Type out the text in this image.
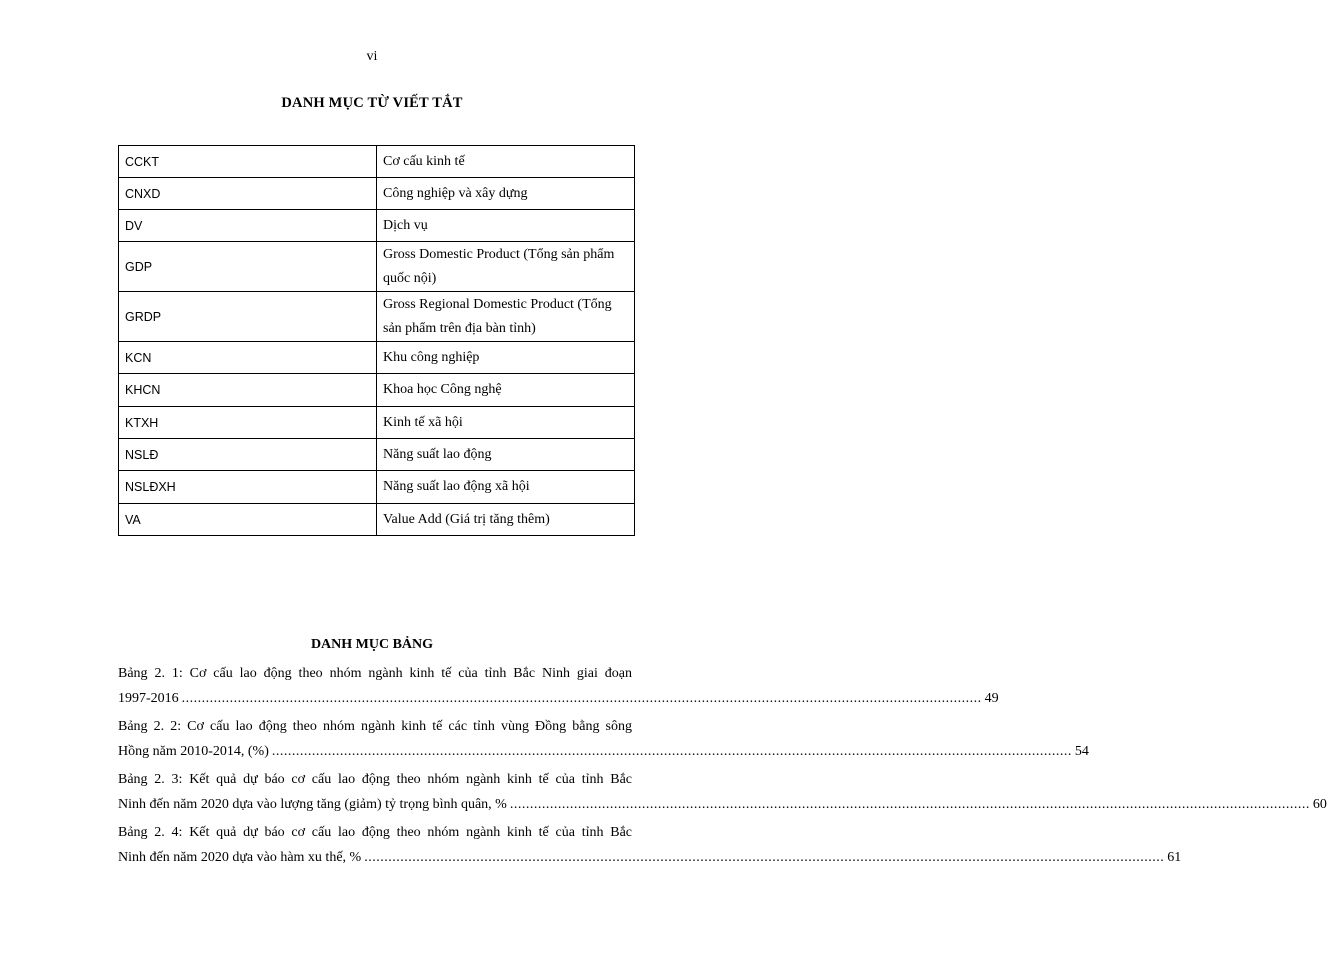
vi
DANH MỤC TỪ VIẾT TẮT
CCKT	Cơ cấu kinh tế
CNXD	Công nghiệp và xây dựng
DV	Dịch vụ
GDP	Gross Domestic Product (Tổng sản phẩm quốc nội)
GRDP	Gross Regional Domestic Product (Tổng sản phẩm trên địa bàn tỉnh)
KCN	Khu công nghiệp
KHCN	Khoa học Công nghệ
KTXH	Kinh tế xã hội
NSLĐ	Năng suất lao động
NSLĐXH	Năng suất lao động xã hội
VA	Value Add (Giá trị tăng thêm)
DANH MỤC BẢNG
Bảng 2. 1: Cơ cấu lao động theo nhóm ngành kinh tế của tỉnh Bắc Ninh giai đoạn
1997-2016 ........................................................................................................................................................................................................ 49
Bảng 2. 2: Cơ cấu lao động theo nhóm ngành kinh tế các tỉnh vùng Đồng bằng sông
Hồng năm 2010-2014, (%) ........................................................................................................................................................................................................ 54
Bảng 2. 3: Kết quả dự báo cơ cấu lao động theo nhóm ngành kinh tế của tỉnh Bắc
Ninh đến năm 2020 dựa vào lượng tăng (giảm) tỷ trọng bình quân, % ........................................................................................................................................................................................................ 60
Bảng 2. 4: Kết quả dự báo cơ cấu lao động theo nhóm ngành kinh tế của tỉnh Bắc
Ninh đến năm 2020 dựa vào hàm xu thế, % ........................................................................................................................................................................................................ 61
